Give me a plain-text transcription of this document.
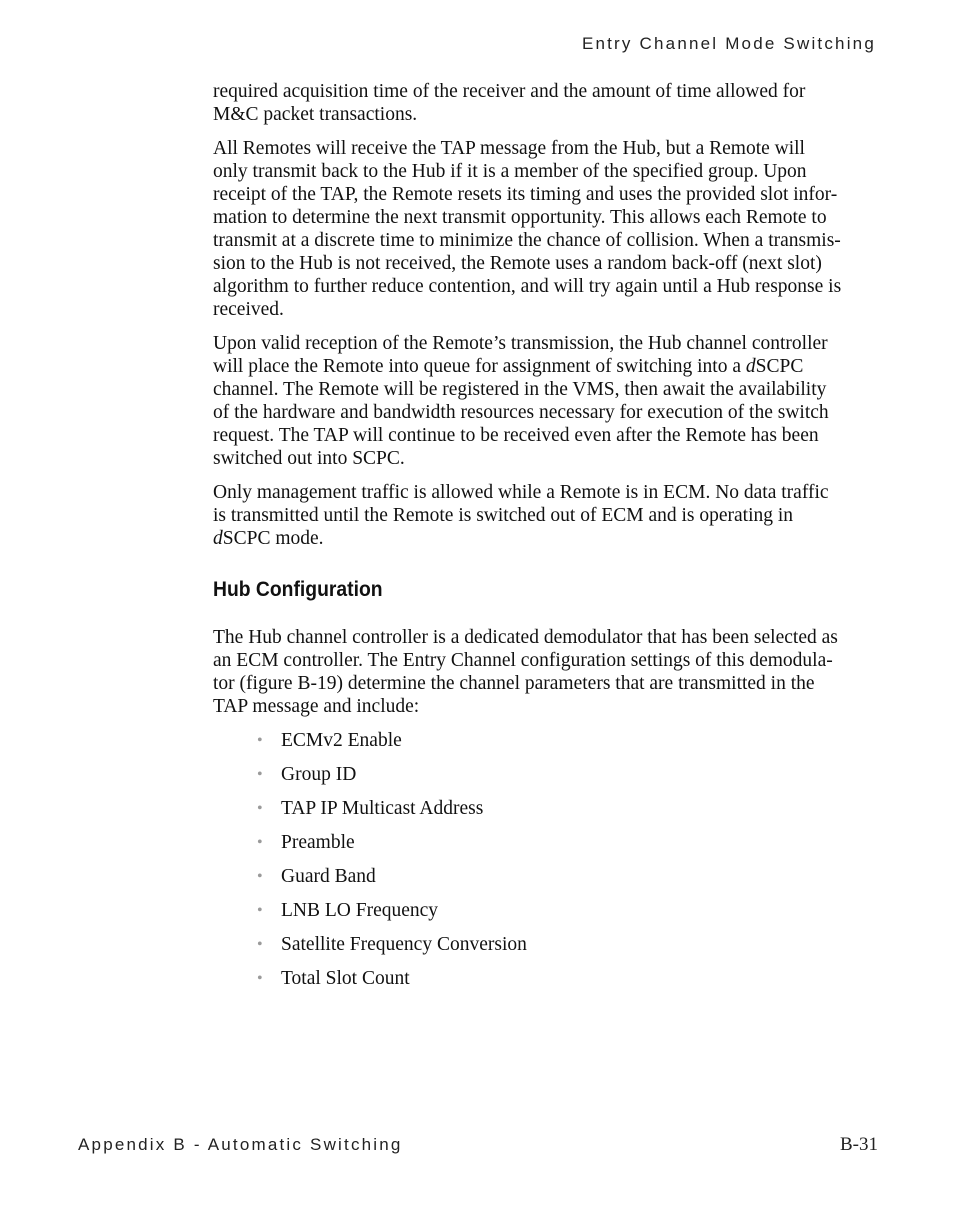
Entry Channel Mode Switching

required acquisition time of the receiver and the amount of time allowed for
M&C packet transactions.

All Remotes will receive the TAP message from the Hub, but a Remote will
only transmit back to the Hub if it is a member of the specified group. Upon
receipt of the TAP, the Remote resets its timing and uses the provided slot infor-
mation to determine the next transmit opportunity. This allows each Remote to
transmit at a discrete time to minimize the chance of collision. When a transmis-
sion to the Hub is not received, the Remote uses a random back-off (next slot)
algorithm to further reduce contention, and will try again until a Hub response is
received.

Upon valid reception of the Remote’s transmission, the Hub channel controller
will place the Remote into queue for assignment of switching into a dSCPC
channel. The Remote will be registered in the VMS, then await the availability
of the hardware and bandwidth resources necessary for execution of the switch
request. The TAP will continue to be received even after the Remote has been
switched out into SCPC.

Only management traffic is allowed while a Remote is in ECM. No data traffic
is transmitted until the Remote is switched out of ECM and is operating in
dSCPC mode.

Hub Configuration

The Hub channel controller is a dedicated demodulator that has been selected as
an ECM controller. The Entry Channel configuration settings of this demodula-
tor (figure B-19) determine the channel parameters that are transmitted in the
TAP message and include:

• ECMv2 Enable
• Group ID
• TAP IP Multicast Address
• Preamble
• Guard Band
• LNB LO Frequency
• Satellite Frequency Conversion
• Total Slot Count
Appendix B - Automatic Switching	B-31
